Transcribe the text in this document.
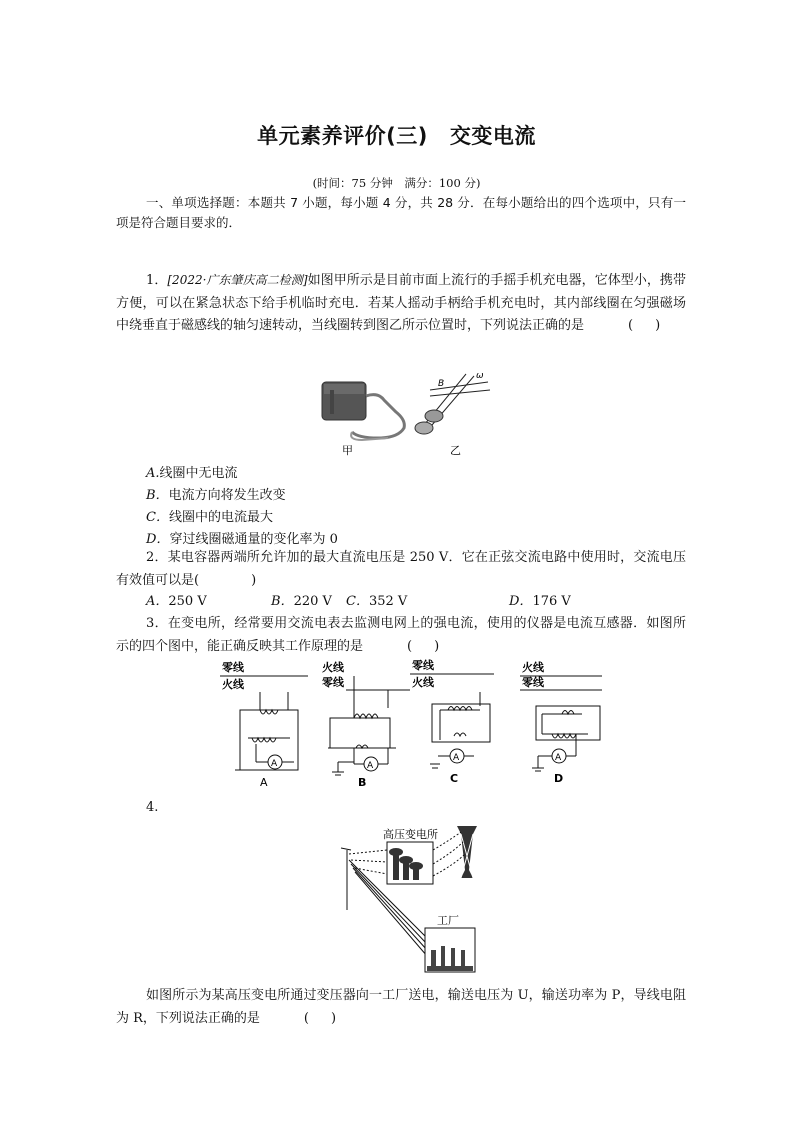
单元素养评价(三) 交变电流
(时间：75 分钟　满分：100 分)
一、单项选择题：本题共 7 小题，每小题 4 分，共 28 分．在每小题给出的四个选项中，只有一项是符合题目要求的．
1．[2022·广东肇庆高二检测]如图甲所示是目前市面上流行的手摇手机充电器，它体型小，携带方便，可以在紧急状态下给手机临时充电．若某人摇动手柄给手机充电时，其内部线圈在匀强磁场中绕垂直于磁感线的轴匀速转动，当线圈转到图乙所示位置时，下列说法正确的是	( )
B
ω
甲	乙
A.线圈中无电流
B．电流方向将发生改变
C．线圈中的电流最大
D．穿过线圈磁通量的变化率为 0
2．某电容器两端所允许加的最大直流电压是 250 V．它在正弦交流电路中使用时，交流电压有效值可以是(	)
A．250 V	B．220 V C．352 V	D．176 V
3．在变电所，经常要用交流电表去监测电网上的强电流，使用的仪器是电流互感器．如图所示的四个图中，能正确反映其工作原理的是	( )
零线
火线
A
A
火线
零线
A
B
零线
火线
A
C
火线
零线
A
D
4.
高压变电所
工厂
如图所示为某高压变电所通过变压器向一工厂送电，输送电压为 U，输送功率为 P，导线电阻为 R，下列说法正确的是	( )
